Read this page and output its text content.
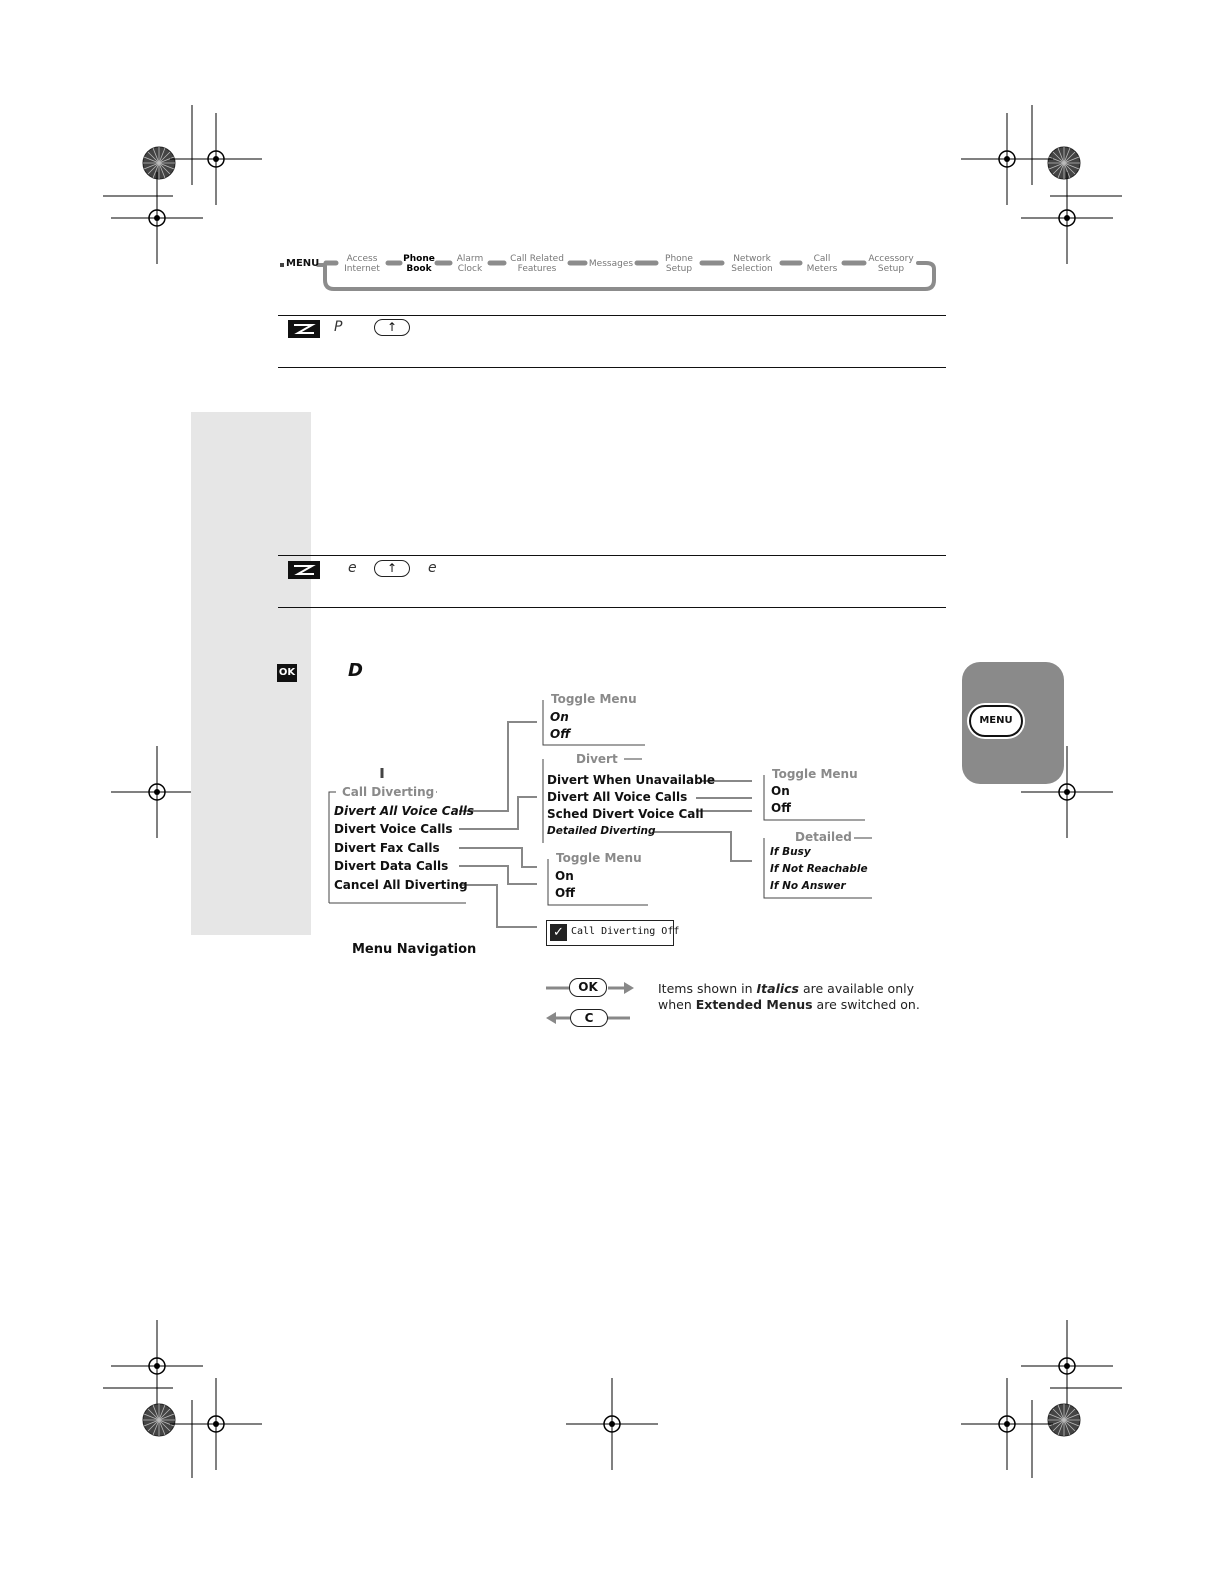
MENU	Access
Internet
Phone
Book
Alarm
Clock
Call Related
Features	Messages	Phone
Setup
Network
Selection
Call
Meters
Accessory
Setup
P	↑
e	↑	e
OK	D
MENU
Call Diverting
Divert All Voice Calls
Divert Voice Calls
Divert Fax Calls
Divert Data Calls
Cancel All Diverting
Toggle Menu
On
Off
Divert
Divert When Unavailable
Divert All Voice Calls
Sched Divert Voice Call
Detailed Diverting
Toggle Menu
On
Off
Toggle Menu
On
Off
Detailed
If Busy
If Not Reachable
If No Answer
✓ Call Diverting Off
Menu Navigation
OK
C
Items shown in Italics are available only
when Extended Menus are switched on.
